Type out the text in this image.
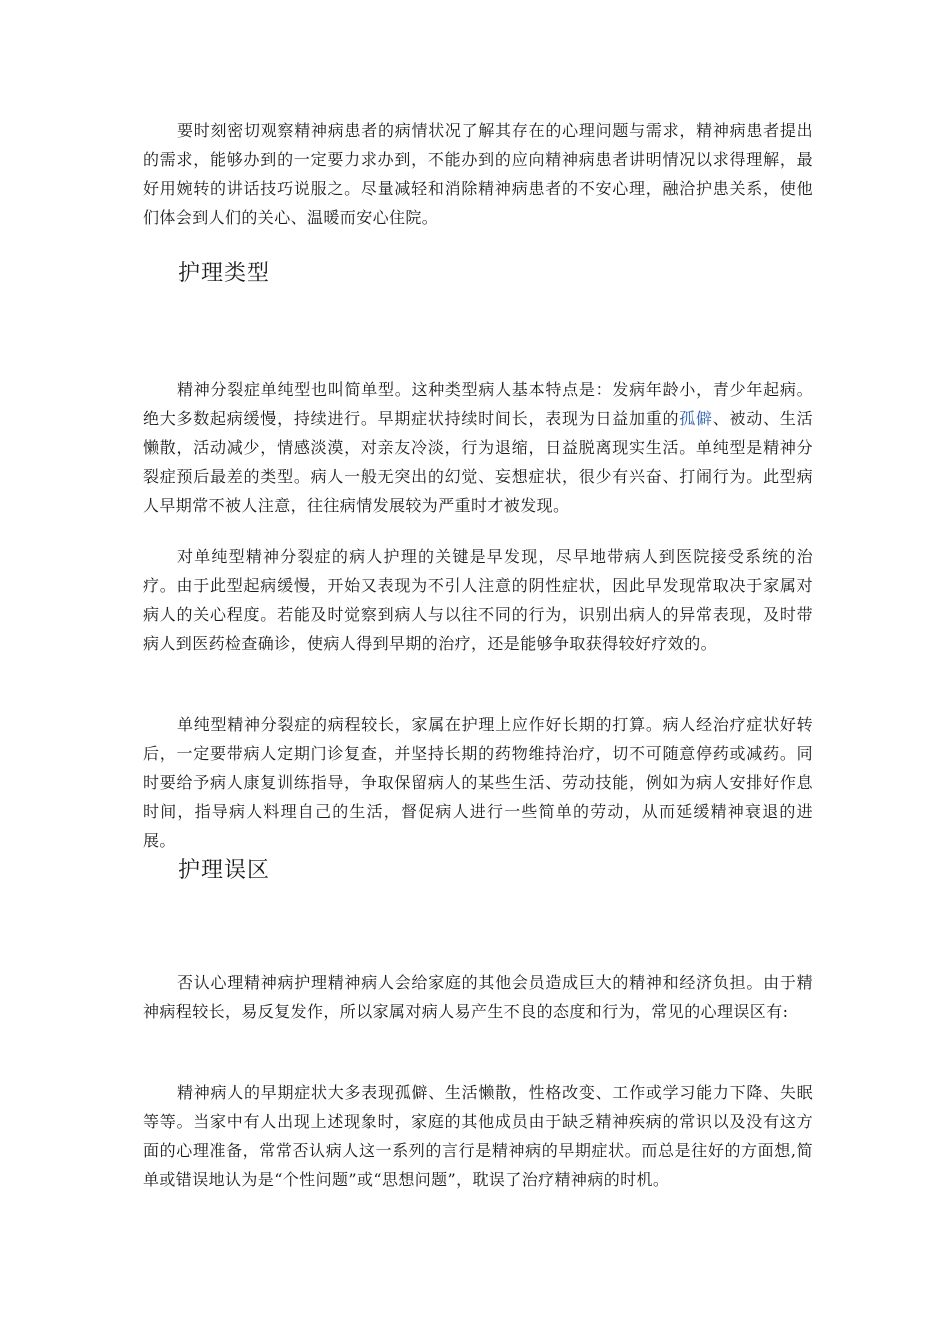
要时刻密切观察精神病患者的病情状况了解其存在的心理问题与需求，精神病患者提出的需求，能够办到的一定要力求办到，不能办到的应向精神病患者讲明情况以求得理解，最好用婉转的讲话技巧说服之。尽量减轻和消除精神病患者的不安心理，融洽护患关系，使他们体会到人们的关心、温暖而安心住院。

护理类型

精神分裂症单纯型也叫简单型。这种类型病人基本特点是：发病年龄小，青少年起病。绝大多数起病缓慢，持续进行。早期症状持续时间长，表现为日益加重的孤僻、被动、生活懒散，活动减少，情感淡漠，对亲友冷淡，行为退缩，日益脱离现实生活。单纯型是精神分裂症预后最差的类型。病人一般无突出的幻觉、妄想症状，很少有兴奋、打闹行为。此型病人早期常不被人注意，往往病情发展较为严重时才被发现。

对单纯型精神分裂症的病人护理的关键是早发现，尽早地带病人到医院接受系统的治疗。由于此型起病缓慢，开始又表现为不引人注意的阴性症状，因此早发现常取决于家属对病人的关心程度。若能及时觉察到病人与以往不同的行为，识别出病人的异常表现，及时带病人到医药检查确诊，使病人得到早期的治疗，还是能够争取获得较好疗效的。

单纯型精神分裂症的病程较长，家属在护理上应作好长期的打算。病人经治疗症状好转后，一定要带病人定期门诊复查，并坚持长期的药物维持治疗，切不可随意停药或减药。同时要给予病人康复训练指导，争取保留病人的某些生活、劳动技能，例如为病人安排好作息时间，指导病人料理自己的生活，督促病人进行一些简单的劳动，从而延缓精神衰退的进展。

护理误区

否认心理精神病护理精神病人会给家庭的其他会员造成巨大的精神和经济负担。由于精神病程较长，易反复发作，所以家属对病人易产生不良的态度和行为，常见的心理误区有:

精神病人的早期症状大多表现孤僻、生活懒散，性格改变、工作或学习能力下降、失眠等等。当家中有人出现上述现象时，家庭的其他成员由于缺乏精神疾病的常识以及没有这方面的心理准备，常常否认病人这一系列的言行是精神病的早期症状。而总是往好的方面想,简单或错误地认为是“个性问题”或“思想问题”，耽误了治疗精神病的时机。
